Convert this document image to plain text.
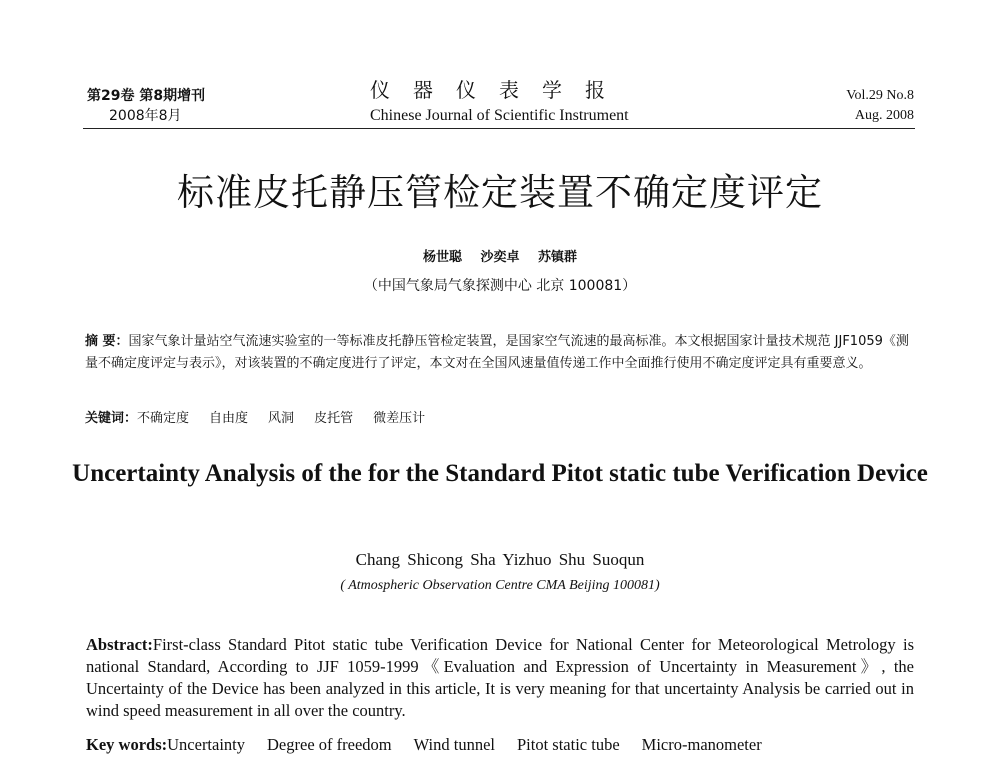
第29卷 第8期增刊
2008年8月
仪器仪表学报
Chinese Journal of Scientific Instrument
Vol.29 No.8
Aug. 2008
标准皮托静压管检定装置不确定度评定
杨世聪 沙奕卓 苏镇群
（中国气象局气象探测中心 北京 100081）
摘 要：国家气象计量站空气流速实验室的一等标准皮托静压管检定装置，是国家空气流速的最高标准。本文根据国家计量技术规范 JJF1059《测量不确定度评定与表示》，对该装置的不确定度进行了评定，本文对在全国风速量值传递工作中全面推行使用不确定度评定具有重要意义。
关键词：不确定度 自由度 风洞 皮托管 微差压计
Uncertainty Analysis of the for the Standard Pitot static tube Verification Device
Chang Shicong Sha Yizhuo Shu Suoqun
( Atmospheric Observation Centre CMA Beijing 100081)
Abstract:First-class Standard Pitot static tube Verification Device for National Center for Meteorological Metrology is national Standard, According to JJF 1059-1999《Evaluation and Expression of Uncertainty in Measurement》, the Uncertainty of the Device has been analyzed in this article, It is very meaning for that uncertainty Analysis be carried out in wind speed measurement in all over the country.
Key words:Uncertainty Degree of freedom Wind tunnel Pitot static tube Micro-manometer
